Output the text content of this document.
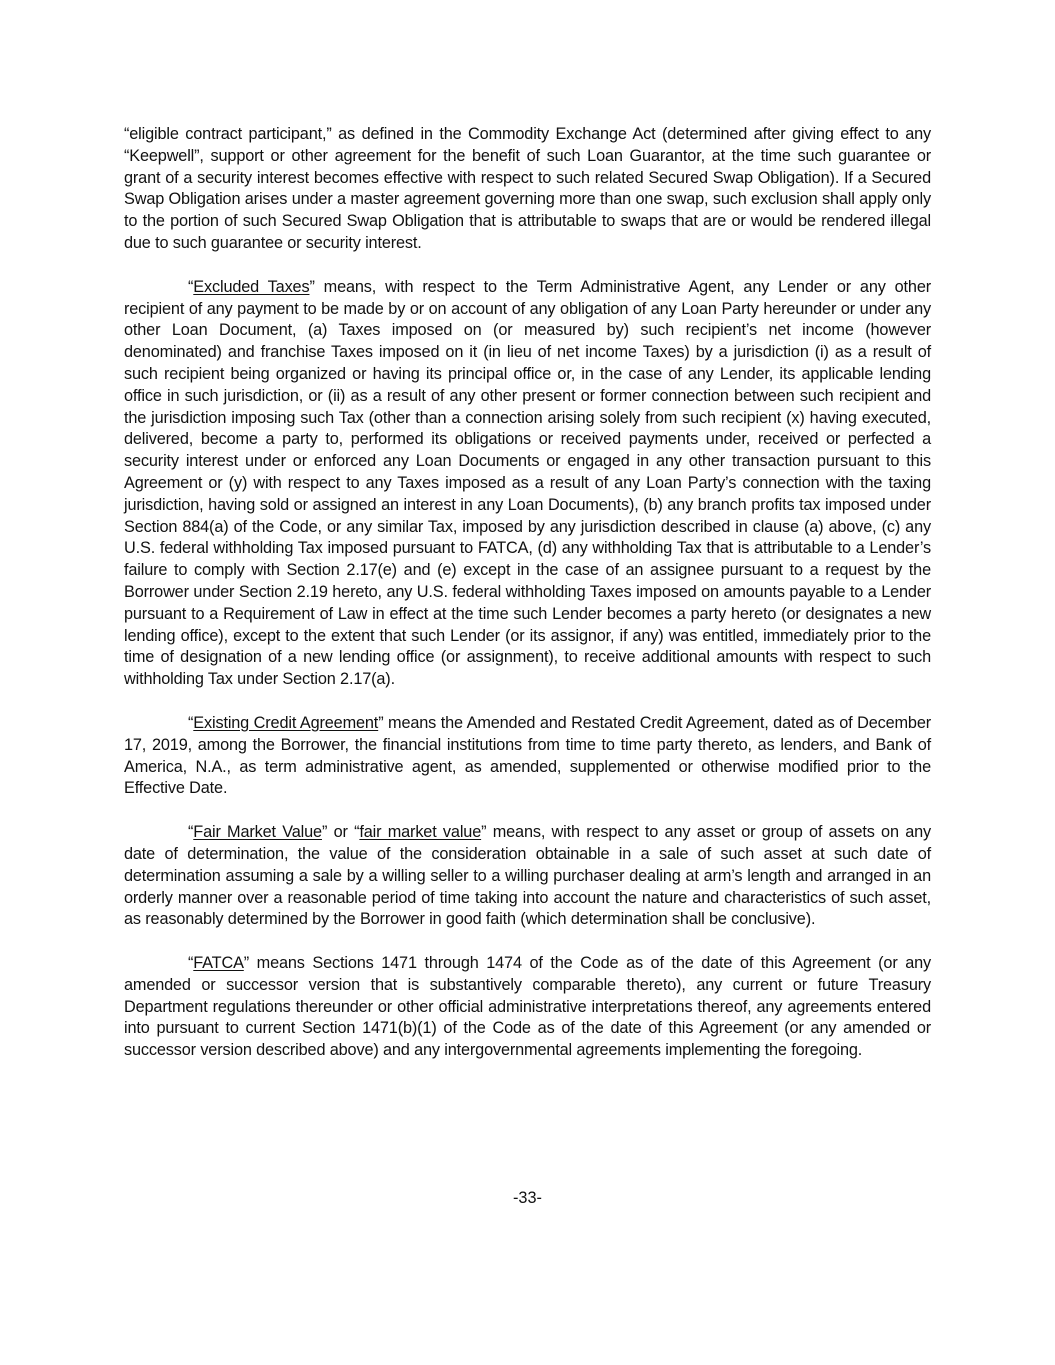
“eligible contract participant,” as defined in the Commodity Exchange Act (determined after giving effect to any “Keepwell”, support or other agreement for the benefit of such Loan Guarantor, at the time such guarantee or grant of a security interest becomes effective with respect to such related Secured Swap Obligation). If a Secured Swap Obligation arises under a master agreement governing more than one swap, such exclusion shall apply only to the portion of such Secured Swap Obligation that is attributable to swaps that are or would be rendered illegal due to such guarantee or security interest.

“Excluded Taxes” means, with respect to the Term Administrative Agent, any Lender or any other recipient of any payment to be made by or on account of any obligation of any Loan Party hereunder or under any other Loan Document, (a) Taxes imposed on (or measured by) such recipient’s net income (however denominated) and franchise Taxes imposed on it (in lieu of net income Taxes) by a jurisdiction (i) as a result of such recipient being organized or having its principal office or, in the case of any Lender, its applicable lending office in such jurisdiction, or (ii) as a result of any other present or former connection between such recipient and the jurisdiction imposing such Tax (other than a connection arising solely from such recipient (x) having executed, delivered, become a party to, performed its obligations or received payments under, received or perfected a security interest under or enforced any Loan Documents or engaged in any other transaction pursuant to this Agreement or (y) with respect to any Taxes imposed as a result of any Loan Party’s connection with the taxing jurisdiction, having sold or assigned an interest in any Loan Documents), (b) any branch profits tax imposed under Section 884(a) of the Code, or any similar Tax, imposed by any jurisdiction described in clause (a) above, (c) any U.S. federal withholding Tax imposed pursuant to FATCA, (d) any withholding Tax that is attributable to a Lender’s failure to comply with Section 2.17(e) and (e) except in the case of an assignee pursuant to a request by the Borrower under Section 2.19 hereto, any U.S. federal withholding Taxes imposed on amounts payable to a Lender pursuant to a Requirement of Law in effect at the time such Lender becomes a party hereto (or designates a new lending office), except to the extent that such Lender (or its assignor, if any) was entitled, immediately prior to the time of designation of a new lending office (or assignment), to receive additional amounts with respect to such withholding Tax under Section 2.17(a).

“Existing Credit Agreement” means the Amended and Restated Credit Agreement, dated as of December 17, 2019, among the Borrower, the financial institutions from time to time party thereto, as lenders, and Bank of America, N.A., as term administrative agent, as amended, supplemented or otherwise modified prior to the Effective Date.

“Fair Market Value” or “fair market value” means, with respect to any asset or group of assets on any date of determination, the value of the consideration obtainable in a sale of such asset at such date of determination assuming a sale by a willing seller to a willing purchaser dealing at arm’s length and arranged in an orderly manner over a reasonable period of time taking into account the nature and characteristics of such asset, as reasonably determined by the Borrower in good faith (which determination shall be conclusive).

“FATCA” means Sections 1471 through 1474 of the Code as of the date of this Agreement (or any amended or successor version that is substantively comparable thereto), any current or future Treasury Department regulations thereunder or other official administrative interpretations thereof, any agreements entered into pursuant to current Section 1471(b)(1) of the Code as of the date of this Agreement (or any amended or successor version described above) and any intergovernmental agreements implementing the foregoing.

-33-
